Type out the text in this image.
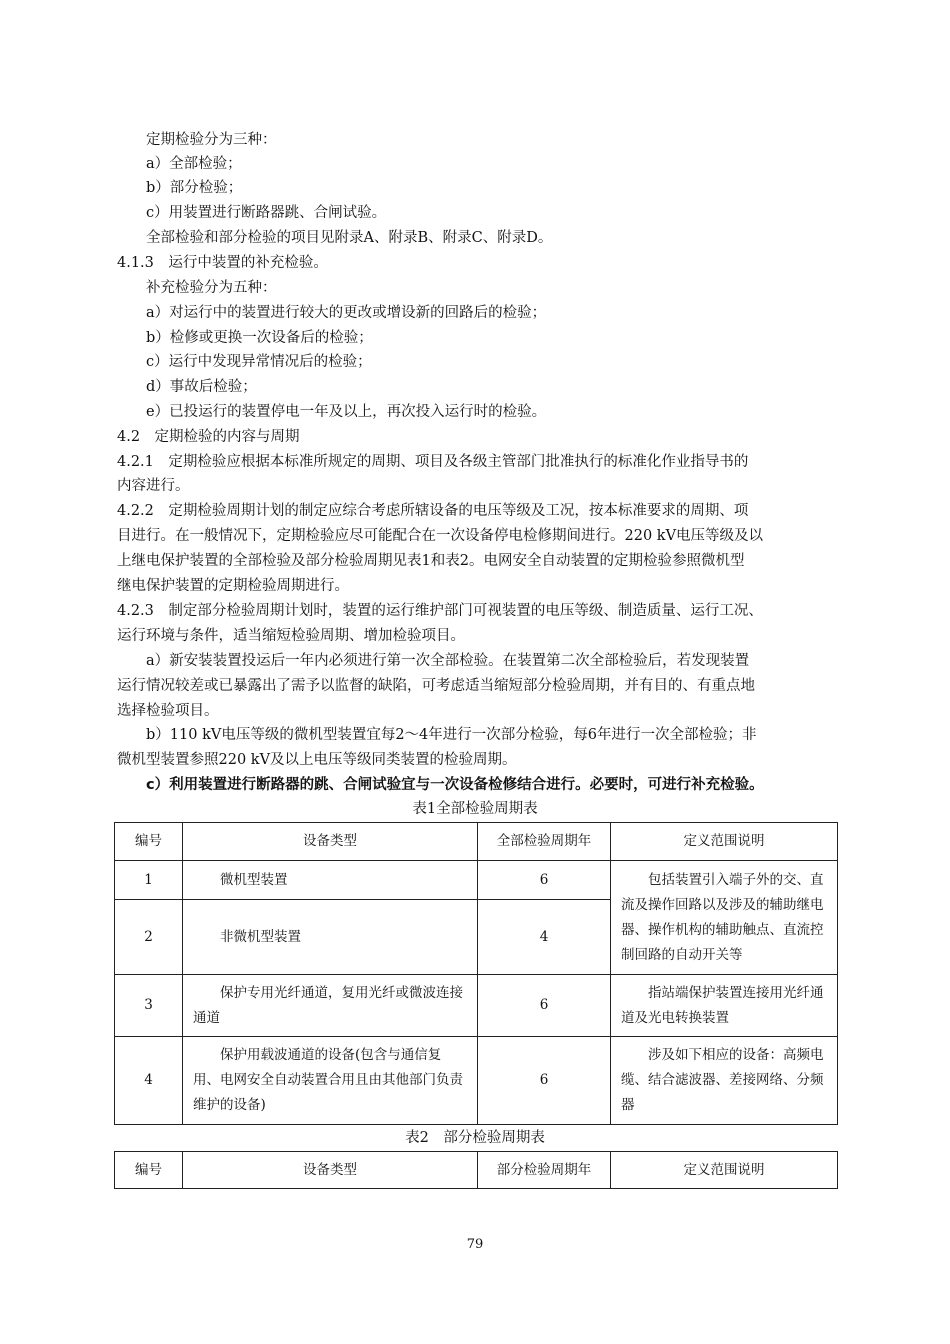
定期检验分为三种：
a）全部检验；
b）部分检验；
c）用装置进行断路器跳、合闸试验。
全部检验和部分检验的项目见附录A、附录B、附录C、附录D。
4.1.3　运行中装置的补充检验。
补充检验分为五种：
a）对运行中的装置进行较大的更改或增设新的回路后的检验；
b）检修或更换一次设备后的检验；
c）运行中发现异常情况后的检验；
d）事故后检验；
e）已投运行的装置停电一年及以上，再次投入运行时的检验。
4.2　定期检验的内容与周期
4.2.1　定期检验应根据本标准所规定的周期、项目及各级主管部门批准执行的标准化作业指导书的
内容进行。
4.2.2　定期检验周期计划的制定应综合考虑所辖设备的电压等级及工况，按本标准要求的周期、项
目进行。在一般情况下，定期检验应尽可能配合在一次设备停电检修期间进行。220 kV电压等级及以
上继电保护装置的全部检验及部分检验周期见表1和表2。电网安全自动装置的定期检验参照微机型
继电保护装置的定期检验周期进行。
4.2.3　制定部分检验周期计划时，装置的运行维护部门可视装置的电压等级、制造质量、运行工况、
运行环境与条件，适当缩短检验周期、增加检验项目。
a）新安装装置投运后一年内必须进行第一次全部检验。在装置第二次全部检验后，若发现装置
运行情况较差或已暴露出了需予以监督的缺陷，可考虑适当缩短部分检验周期，并有目的、有重点地
选择检验项目。
b）110 kV电压等级的微机型装置宜每2～4年进行一次部分检验，每6年进行一次全部检验；非
微机型装置参照220 kV及以上电压等级同类装置的检验周期。
c）利用装置进行断路器的跳、合闸试验宜与一次设备检修结合进行。必要时，可进行补充检验。
表1全部检验周期表
编号	设备类型	全部检验周期年	定义范围说明
1	微机型装置	6	包括装置引入端子外的交、直流及操作回路以及涉及的辅助继电器、操作机构的辅助触点、直流控制回路的自动开关等
2	非微机型装置	4	
3	保护专用光纤通道，复用光纤或微波连接通道	6	指站端保护装置连接用光纤通道及光电转换装置
4	保护用载波通道的设备(包含与通信复用、电网安全自动装置合用且由其他部门负责维护的设备)	6	涉及如下相应的设备：高频电缆、结合滤波器、差接网络、分频器
表2　部分检验周期表
编号	设备类型	部分检验周期年	定义范围说明
79
